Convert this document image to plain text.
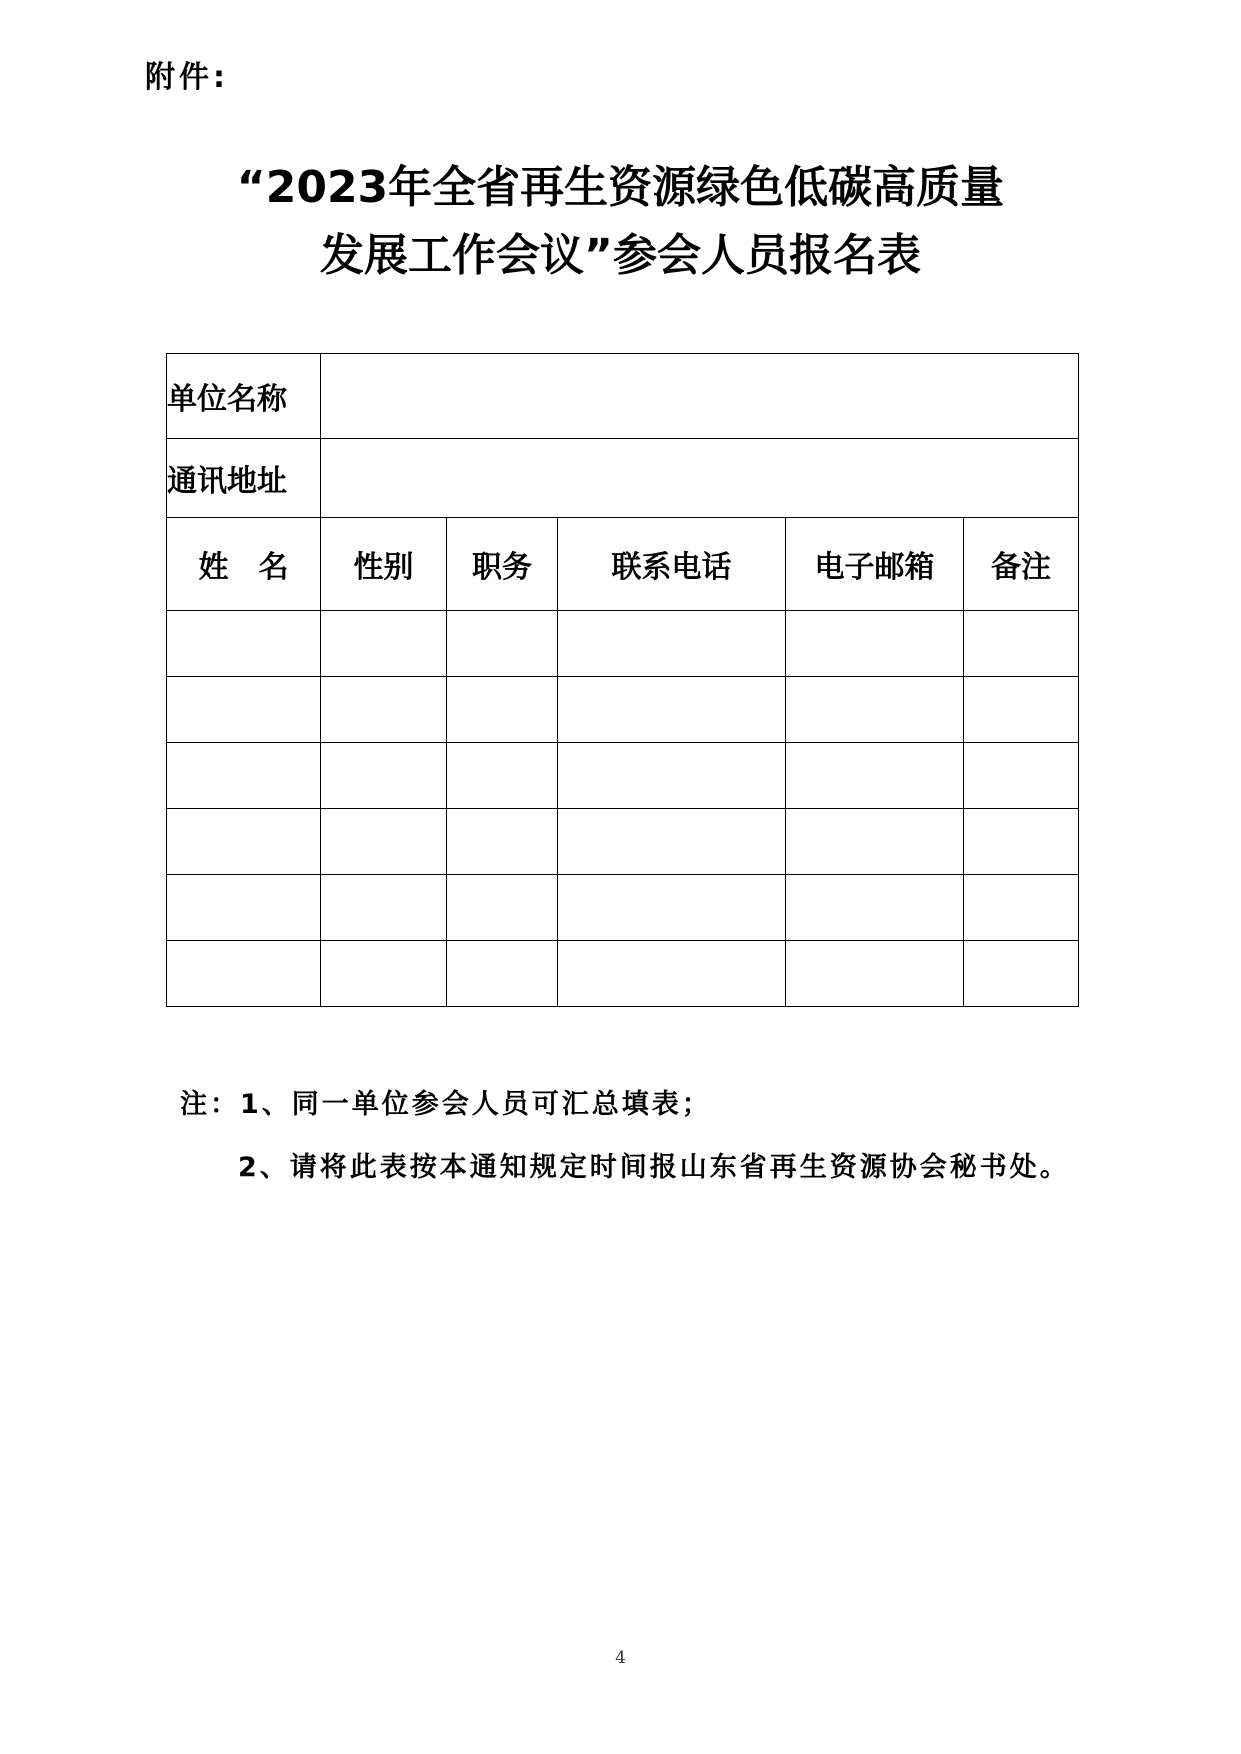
附件:
“2023年全省再生资源绿色低碳高质量
发展工作会议”参会人员报名表
单位名称					
通讯地址					
姓　名	性别	职务	联系电话	电子邮箱	备注

注：1、同一单位参会人员可汇总填表；
2、请将此表按本通知规定时间报山东省再生资源协会秘书处。
4
